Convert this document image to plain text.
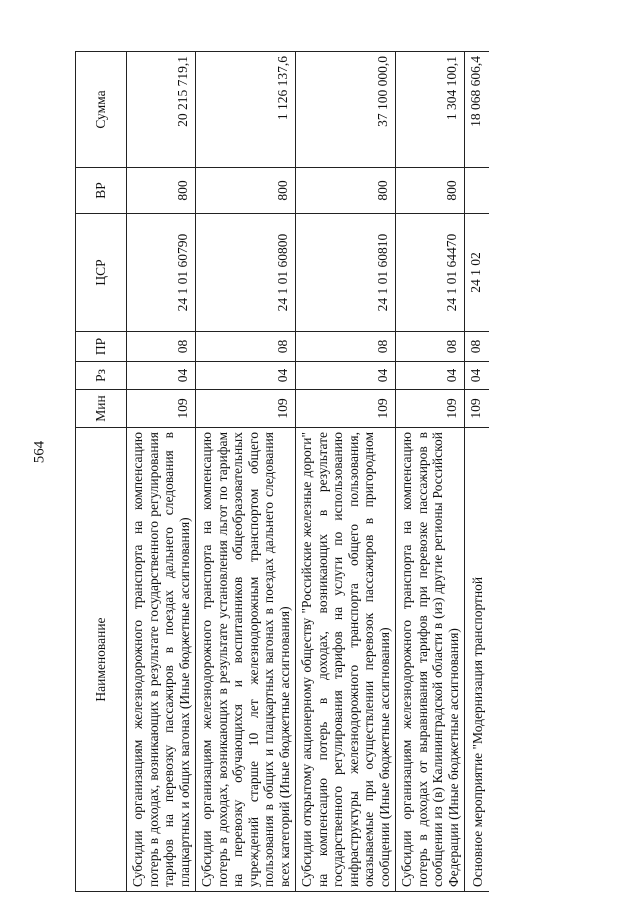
564
Наименование	Мин	Рз	ПР	ЦСР	ВР	Сумма
Субсидии организациям железнодорожного транспорта на компенсацию потерь в доходах, возникающих в результате государственного регулирования тарифов на перевозку пассажиров в поездах дальнего следования в плацкартных и общих вагонах (Иные бюджетные ассигнования)	109	04	08	24 1 01 60790	800	20 215 719,1
Субсидии организациям железнодорожного транспорта на компенсацию потерь в доходах, возникающих в результате установления льгот по тарифам на перевозку обучающихся и воспитанников общеобразовательных учреждений старше 10 лет железнодорожным транспортом общего пользования в общих и плацкартных вагонах в поездах дальнего следования всех категорий (Иные бюджетные ассигнования)	109	04	08	24 1 01 60800	800	1 126 137,6
Субсидии открытому акционерному обществу "Российские железные дороги" на компенсацию потерь в доходах, возникающих в результате государственного регулирования тарифов на услуги по использованию инфраструктуры железнодорожного транспорта общего пользования, оказываемые при осуществлении перевозок пассажиров в пригородном сообщении (Иные бюджетные ассигнования)	109	04	08	24 1 01 60810	800	37 100 000,0
Субсидии организациям железнодорожного транспорта на компенсацию потерь в доходах от выравнивания тарифов при перевозке пассажиров в сообщении из (в) Калининградской области в (из) другие регионы Российской Федерации (Иные бюджетные ассигнования)	109	04	08	24 1 01 64470	800	1 304 100,1
Основное мероприятие "Модернизация транспортной	109	04	08	24 1 02		18 068 606,4
